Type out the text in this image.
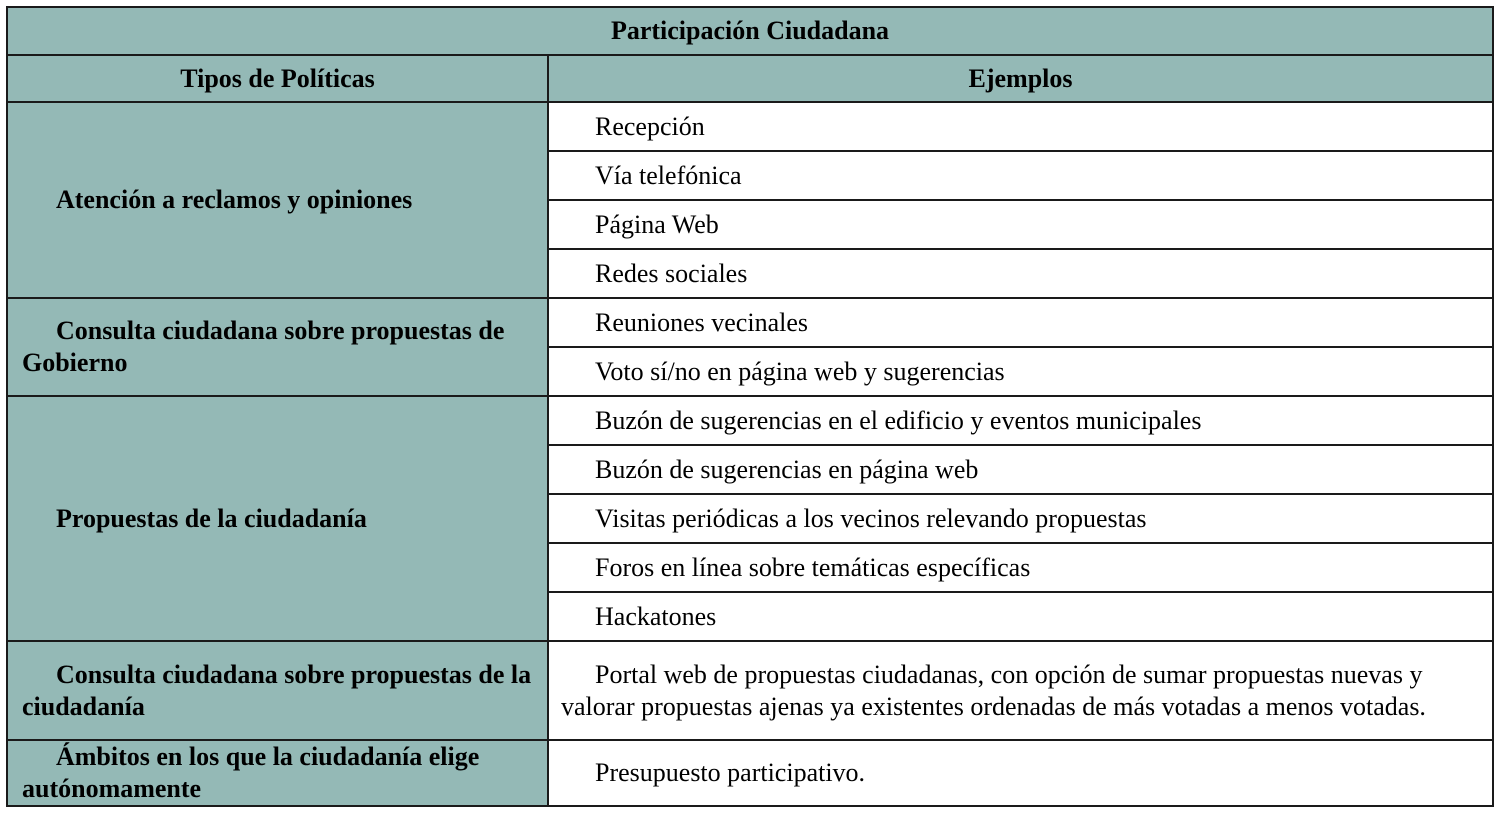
Participación Ciudadana	
Tipos de Políticas	Ejemplos
Atención a reclamos y opiniones	Recepción
	Vía telefónica
	Página Web
	Redes sociales
Consulta ciudadana sobre propuestas de Gobierno	Reuniones vecinales
	Voto sí/no en página web y sugerencias
Propuestas de la ciudadanía	Buzón de sugerencias en el edificio y eventos municipales
	Buzón de sugerencias en página web
	Visitas periódicas a los vecinos relevando propuestas
	Foros en línea sobre temáticas específicas
	Hackatones
Consulta ciudadana sobre propuestas de la ciudadanía	Portal web de propuestas ciudadanas, con opción de sumar propuestas nuevas y valorar propuestas ajenas ya existentes ordenadas de más votadas a menos votadas.
Ámbitos en los que la ciudadanía elige autónomamente	Presupuesto participativo.
